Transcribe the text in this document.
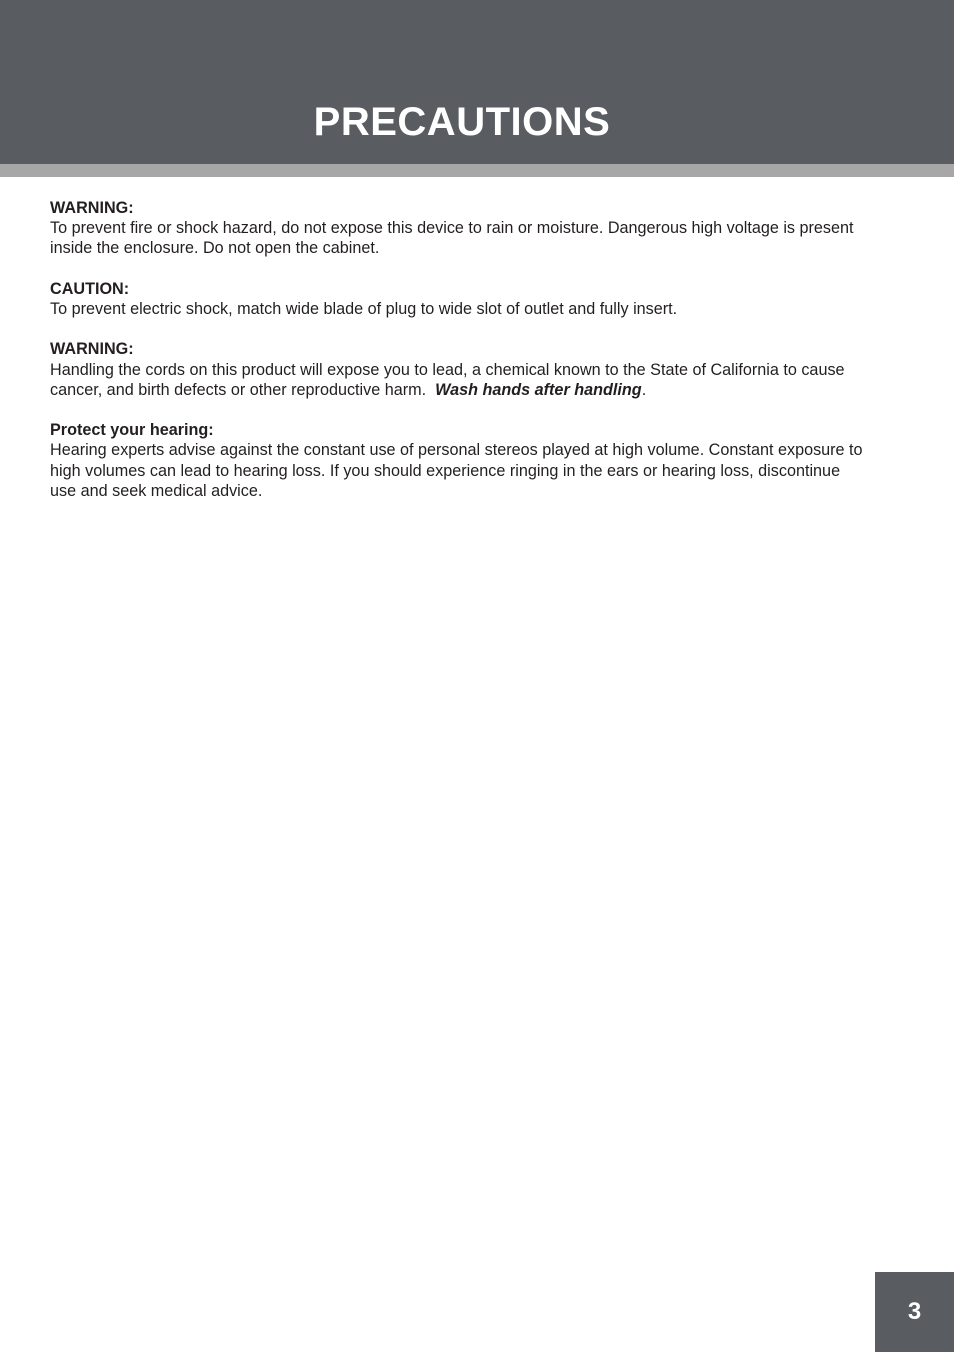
PRECAUTIONS
WARNING:
To prevent fire or shock hazard, do not expose this device to rain or moisture. Dangerous high voltage is present inside the enclosure. Do not open the cabinet.
CAUTION:
To prevent electric shock, match wide blade of plug to wide slot of outlet and fully insert.
WARNING:
Handling the cords on this product will expose you to lead, a chemical known to the State of California to cause cancer, and birth defects or other reproductive harm.  Wash hands after handling.
Protect your hearing:
Hearing experts advise against the constant use of personal stereos played at high volume. Constant exposure to high volumes can lead to hearing loss. If you should experience ringing in the ears or hearing loss, discontinue use and seek medical advice.
3
